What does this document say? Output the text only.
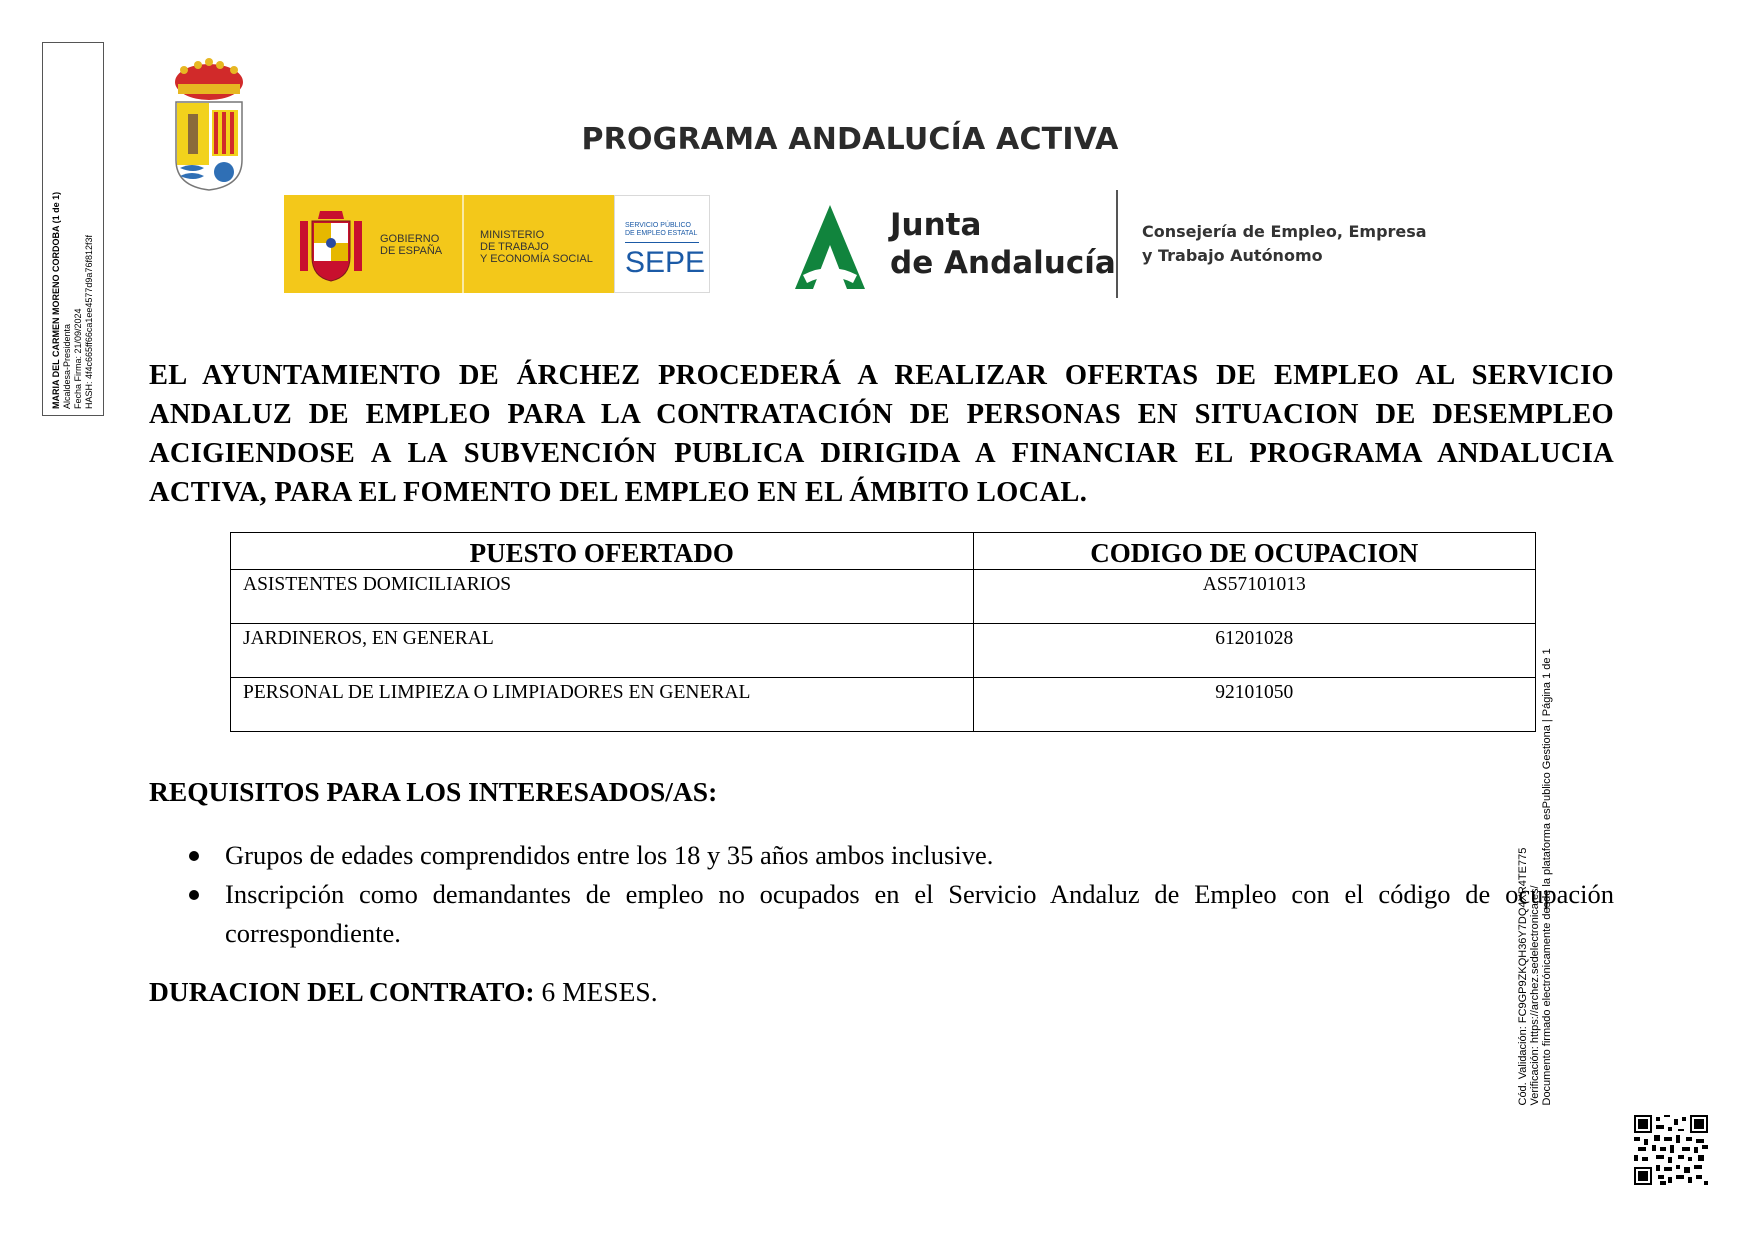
MARIA DEL CARMEN MORENO CORDOBA (1 de 1) Alcaldesa-Presidenta Fecha Firma: 21/09/2024 HASH: 4f4c665ff66ca1ee4577d9a76f812f3f
PROGRAMA ANDALUCÍA ACTIVA
GOBIERNO
DE ESPAÑA
MINISTERIO
DE TRABAJO
Y ECONOMÍA SOCIAL
SERVICIO PÚBLICO
DE EMPLEO ESTATAL
SEPE
Junta
de Andalucía
Consejería de Empleo, Empresa
y Trabajo Autónomo
EL AYUNTAMIENTO DE ÁRCHEZ PROCEDERÁ A REALIZAR OFERTAS DE EMPLEO AL SERVICIO ANDALUZ DE EMPLEO PARA LA CONTRATACIÓN DE PERSONAS EN SITUACION DE DESEMPLEO ACIGIENDOSE A LA SUBVENCIÓN PUBLICA DIRIGIDA A FINANCIAR EL PROGRAMA ANDALUCIA ACTIVA, PARA EL FOMENTO DEL EMPLEO EN EL ÁMBITO LOCAL.
PUESTO OFERTADO	CODIGO DE OCUPACION
ASISTENTES DOMICILIARIOS	AS57101013
JARDINEROS, EN GENERAL	61201028
PERSONAL DE LIMPIEZA O LIMPIADORES EN GENERAL	92101050
REQUISITOS PARA LOS INTERESADOS/AS:
Grupos de edades comprendidos entre los 18 y 35 años ambos inclusive.
Inscripción como demandantes de empleo no ocupados en el Servicio Andaluz de Empleo con el código de ocupación correspondiente.
DURACION DEL CONTRATO: 6 MESES.	Cód. Validación: FC9GP9ZKQH36Y7DQ4XR4TE775 Verificación: https://archez.sedelectronica.es/ Documento firmado electrónicamente desde la plataforma esPublico Gestiona | Página 1 de 1
